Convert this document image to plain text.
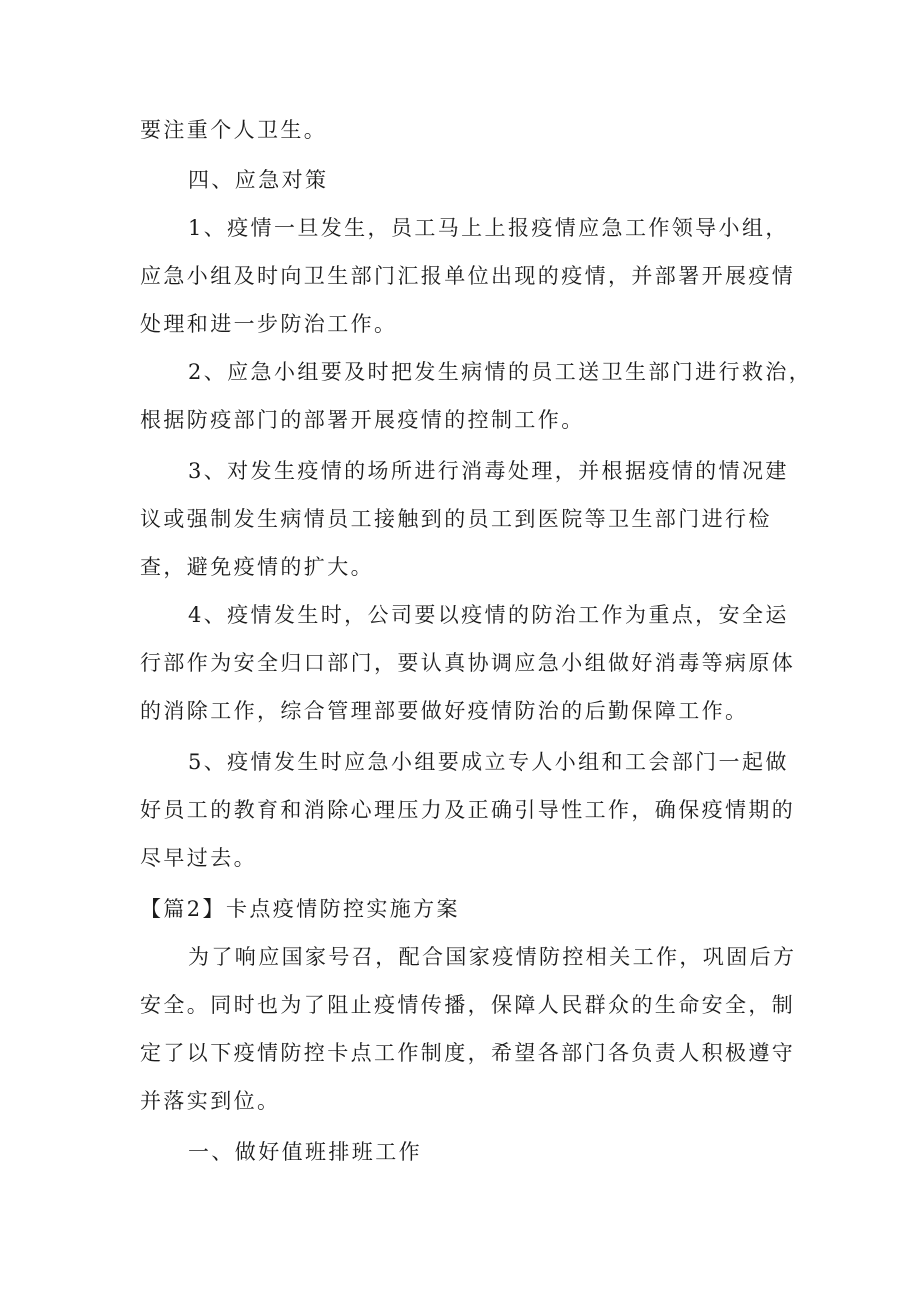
要注重个人卫生。
四、应急对策
1、疫情一旦发生，员工马上上报疫情应急工作领导小组，
应急小组及时向卫生部门汇报单位出现的疫情，并部署开展疫情
处理和进一步防治工作。
2、应急小组要及时把发生病情的员工送卫生部门进行救治，
根据防疫部门的部署开展疫情的控制工作。
3、对发生疫情的场所进行消毒处理，并根据疫情的情况建
议或强制发生病情员工接触到的员工到医院等卫生部门进行检
查，避免疫情的扩大。
4、疫情发生时，公司要以疫情的防治工作为重点，安全运
行部作为安全归口部门，要认真协调应急小组做好消毒等病原体
的消除工作，综合管理部要做好疫情防治的后勤保障工作。
5、疫情发生时应急小组要成立专人小组和工会部门一起做
好员工的教育和消除心理压力及正确引导性工作，确保疫情期的
尽早过去。
【篇2】卡点疫情防控实施方案
为了响应国家号召，配合国家疫情防控相关工作，巩固后方
安全。同时也为了阻止疫情传播，保障人民群众的生命安全，制
定了以下疫情防控卡点工作制度，希望各部门各负责人积极遵守
并落实到位。
一、做好值班排班工作
